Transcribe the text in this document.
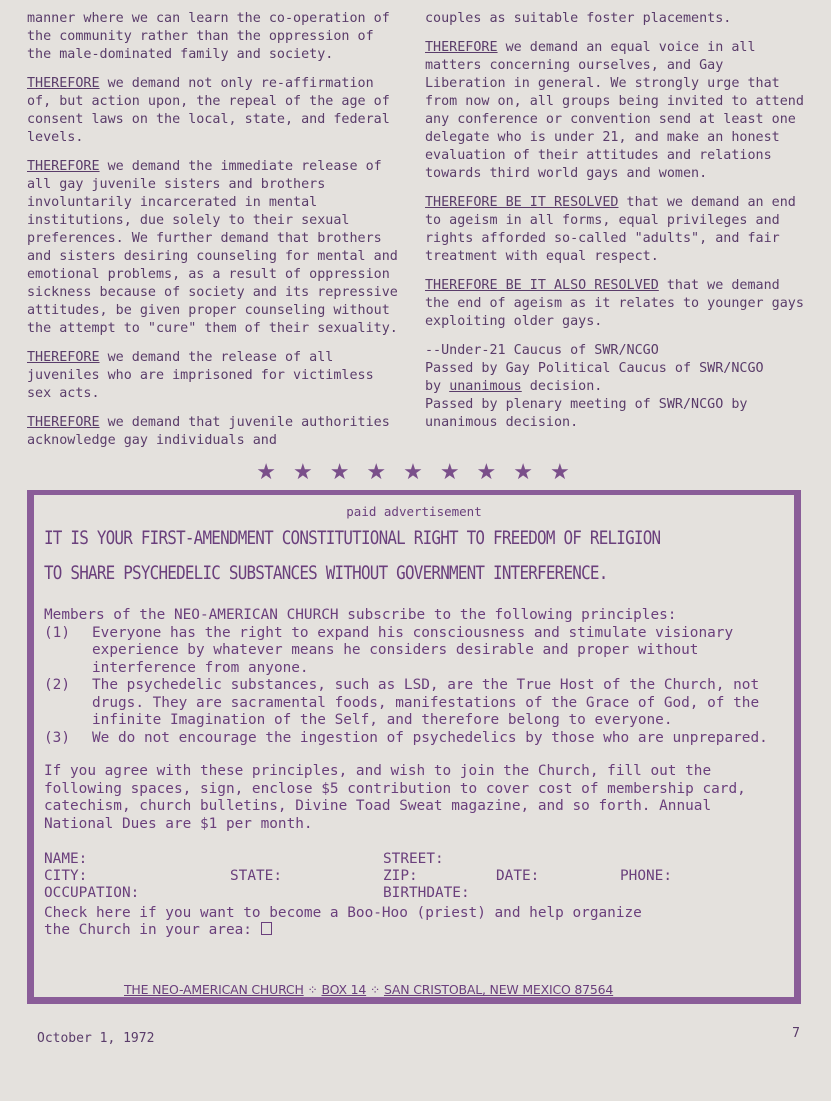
manner where we can learn the co-operation of the community rather than the oppression of the male-dominated family and society.

THEREFORE we demand not only re-affirmation of, but action upon, the repeal of the age of consent laws on the local, state, and federal levels.

THEREFORE we demand the immediate release of all gay juvenile sisters and brothers involuntarily incarcerated in mental institutions, due solely to their sexual preferences. We further demand that brothers and sisters desiring counseling for mental and emotional problems, as a result of oppression sickness because of society and its repressive attitudes, be given proper counseling without the attempt to "cure" them of their sexuality.

THEREFORE we demand the release of all juveniles who are imprisoned for victimless sex acts.

THEREFORE we demand that juvenile authorities acknowledge gay individuals and

couples as suitable foster placements.

THEREFORE we demand an equal voice in all matters concerning ourselves, and Gay Liberation in general. We strongly urge that from now on, all groups being invited to attend any conference or convention send at least one delegate who is under 21, and make an honest evaluation of their attitudes and relations towards third world gays and women.

THEREFORE BE IT RESOLVED that we demand an end to ageism in all forms, equal privileges and rights afforded so-called "adults", and fair treatment with equal respect.

THEREFORE BE IT ALSO RESOLVED that we demand the end of ageism as it relates to younger gays exploiting older gays.

--Under-21 Caucus of SWR/NCGO
Passed by Gay Political Caucus of SWR/NCGO
by unanimous decision.
Passed by plenary meeting of SWR/NCGO by
unanimous decision.
★ ★ ★ ★ ★ ★ ★ ★ ★
paid advertisement
IT IS YOUR FIRST-AMENDMENT CONSTITUTIONAL RIGHT TO FREEDOM OF RELIGION
TO SHARE PSYCHEDELIC SUBSTANCES WITHOUT GOVERNMENT INTERFERENCE.
Members of the NEO-AMERICAN CHURCH subscribe to the following principles:
(1)	Everyone has the right to expand his consciousness and stimulate visionary experience by whatever means he considers desirable and proper without interference from anyone.
(2)	The psychedelic substances, such as LSD, are the True Host of the Church, not drugs. They are sacramental foods, manifestations of the Grace of God, of the infinite Imagination of the Self, and therefore belong to everyone.
(3)	We do not encourage the ingestion of psychedelics by those who are unprepared.
If you agree with these principles, and wish to join the Church, fill out the following spaces, sign, enclose $5 contribution to cover cost of membership card, catechism, church bulletins, Divine Toad Sweat magazine, and so forth. Annual National Dues are $1 per month.
NAME:	STREET:
CITY:	STATE:	ZIP:	DATE:	PHONE:
OCCUPATION:	BIRTHDATE:
Check here if you want to become a Boo-Hoo (priest) and help organize
the Church in your area:
THE NEO-AMERICAN CHURCH ⁘ BOX 14 ⁘ SAN CRISTOBAL, NEW MEXICO 87564
October 1, 1972	7
